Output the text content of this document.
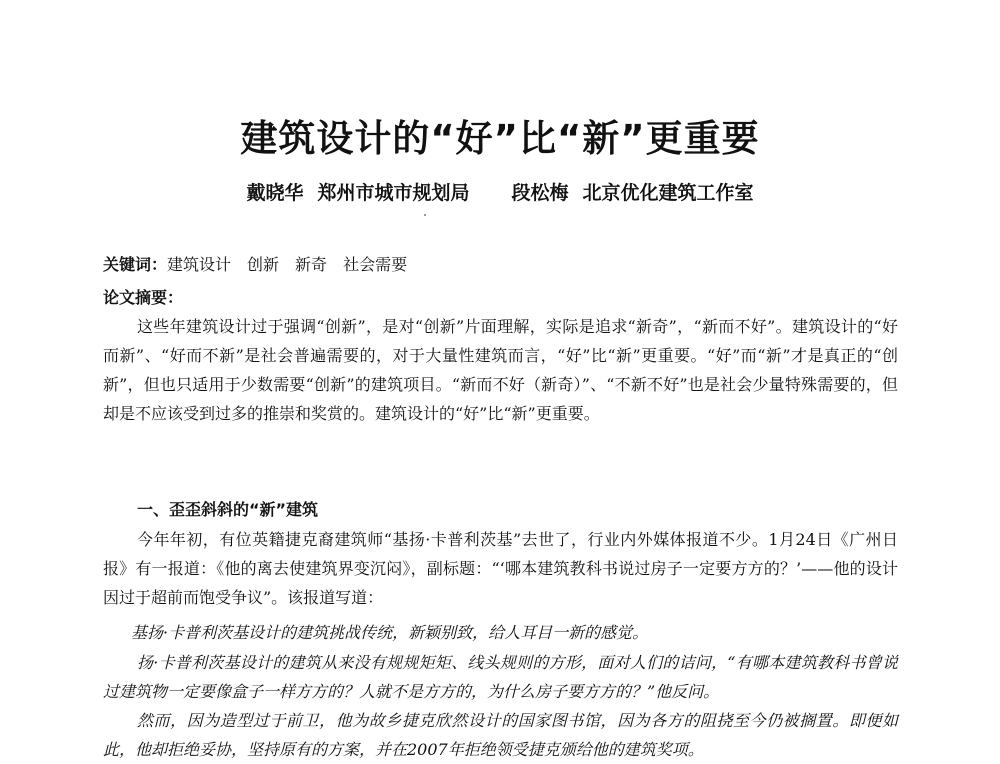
建筑设计的“好”比“新”更重要
戴晓华 郑州市城市规划局 段松梅 北京优化建筑工作室
关键词：建筑设计 创新 新奇 社会需要
论文摘要：

这些年建筑设计过于强调“创新”，是对“创新”片面理解，实际是追求“新奇”，“新而不好”。建筑设计的“好而新”、“好而不新”是社会普遍需要的，对于大量性建筑而言，“好”比“新”更重要。“好”而“新”才是真正的“创新”，但也只适用于少数需要“创新”的建筑项目。“新而不好（新奇）”、“不新不好”也是社会少量特殊需要的，但却是不应该受到过多的推崇和奖赏的。建筑设计的“好”比“新”更重要。

一、歪歪斜斜的“新”建筑

今年年初，有位英籍捷克裔建筑师“基扬·卡普利茨基”去世了，行业内外媒体报道不少。1月24日《广州日报》有一报道：《他的离去使建筑界变沉闷》，副标题：“‘哪本建筑教科书说过房子一定要方方的？’——他的设计因过于超前而饱受争议”。该报道写道：

基扬·卡普利茨基设计的建筑挑战传统，新颖别致，给人耳目一新的感觉。

扬·卡普利茨基设计的建筑从来没有规规矩矩、线头规则的方形，面对人们的诘问，“有哪本建筑教科书曾说过建筑物一定要像盒子一样方方的？人就不是方方的，为什么房子要方方的？”他反问。

然而，因为造型过于前卫，他为故乡捷克欣然设计的国家图书馆，因为各方的阻挠至今仍被搁置。即便如此，他却拒绝妥协，坚持原有的方案，并在2007年拒绝领受捷克颁给他的建筑奖项。
